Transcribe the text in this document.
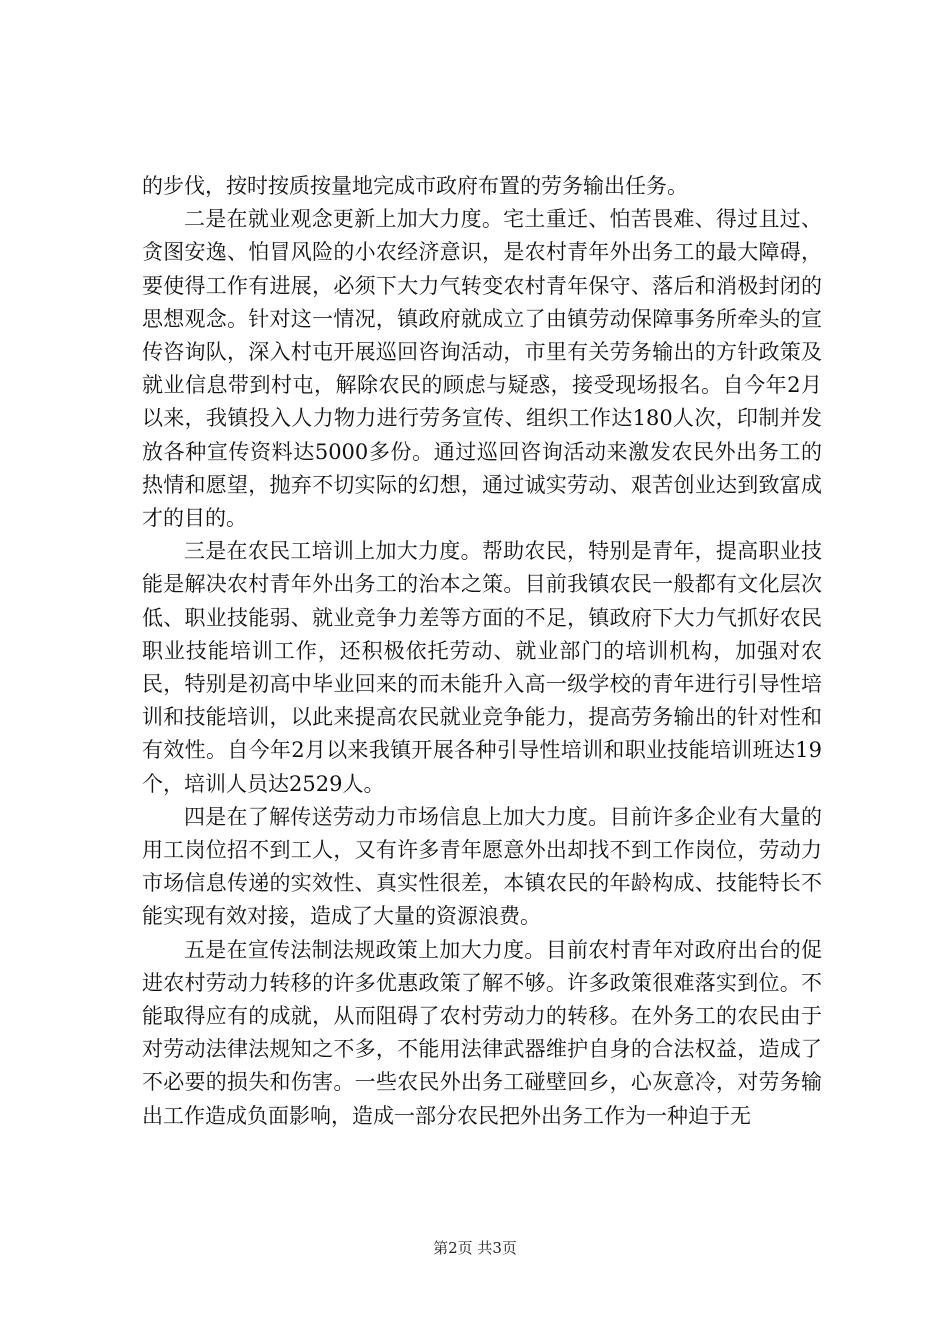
的步伐，按时按质按量地完成市政府布置的劳务输出任务。

二是在就业观念更新上加大力度。宅土重迁、怕苦畏难、得过且过、贪图安逸、怕冒风险的小农经济意识，是农村青年外出务工的最大障碍，要使得工作有进展，必须下大力气转变农村青年保守、落后和消极封闭的思想观念。针对这一情况，镇政府就成立了由镇劳动保障事务所牵头的宣传咨询队，深入村屯开展巡回咨询活动，市里有关劳务输出的方针政策及就业信息带到村屯，解除农民的顾虑与疑惑，接受现场报名。自今年2月以来，我镇投入人力物力进行劳务宣传、组织工作达180人次，印制并发放各种宣传资料达5000多份。通过巡回咨询活动来激发农民外出务工的热情和愿望，抛弃不切实际的幻想，通过诚实劳动、艰苦创业达到致富成才的目的。

三是在农民工培训上加大力度。帮助农民，特别是青年，提高职业技能是解决农村青年外出务工的治本之策。目前我镇农民一般都有文化层次低、职业技能弱、就业竞争力差等方面的不足，镇政府下大力气抓好农民职业技能培训工作，还积极依托劳动、就业部门的培训机构，加强对农民，特别是初高中毕业回来的而未能升入高一级学校的青年进行引导性培训和技能培训，以此来提高农民就业竞争能力，提高劳务输出的针对性和有效性。自今年2月以来我镇开展各种引导性培训和职业技能培训班达19个，培训人员达2529人。

四是在了解传送劳动力市场信息上加大力度。目前许多企业有大量的用工岗位招不到工人，又有许多青年愿意外出却找不到工作岗位，劳动力市场信息传递的实效性、真实性很差，本镇农民的年龄构成、技能特长不能实现有效对接，造成了大量的资源浪费。

五是在宣传法制法规政策上加大力度。目前农村青年对政府出台的促进农村劳动力转移的许多优惠政策了解不够。许多政策很难落实到位。不能取得应有的成就，从而阻碍了农村劳动力的转移。在外务工的农民由于对劳动法律法规知之不多，不能用法律武器维护自身的合法权益，造成了不必要的损失和伤害。一些农民外出务工碰壁回乡，心灰意冷，对劳务输出工作造成负面影响，造成一部分农民把外出务工作为一种迫于无

第2页 共3页
